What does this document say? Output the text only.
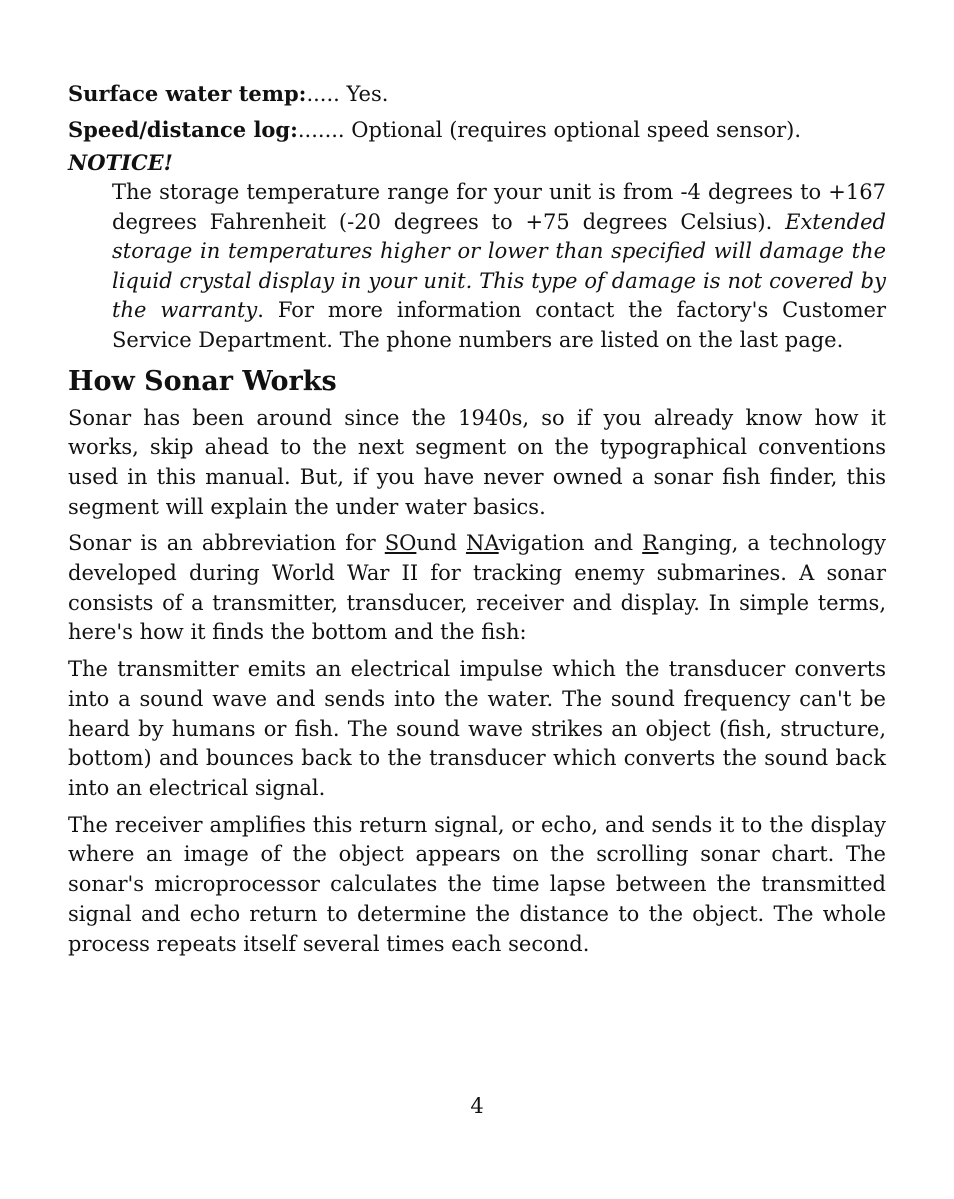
Surface water temp:..... Yes.
Speed/distance log:....... Optional (requires optional speed sensor).
NOTICE!
The storage temperature range for your unit is from -4 degrees to +167 degrees Fahrenheit (-20 degrees to +75 degrees Celsius). Extended storage in temperatures higher or lower than specified will damage the liquid crystal display in your unit. This type of damage is not covered by the warranty. For more information contact the factory's Customer Service Department. The phone numbers are listed on the last page.
How Sonar Works

Sonar has been around since the 1940s, so if you already know how it works, skip ahead to the next segment on the typographical conventions used in this manual. But, if you have never owned a sonar fish finder, this segment will explain the under water basics.

Sonar is an abbreviation for SOund NAvigation and Ranging, a technology developed during World War II for tracking enemy submarines. A sonar consists of a transmitter, transducer, receiver and display. In simple terms, here's how it finds the bottom and the fish:

The transmitter emits an electrical impulse which the transducer converts into a sound wave and sends into the water. The sound frequency can't be heard by humans or fish. The sound wave strikes an object (fish, structure, bottom) and bounces back to the transducer which converts the sound back into an electrical signal.

The receiver amplifies this return signal, or echo, and sends it to the display where an image of the object appears on the scrolling sonar chart. The sonar's microprocessor calculates the time lapse between the transmitted signal and echo return to determine the distance to the object. The whole process repeats itself several times each second.

4
